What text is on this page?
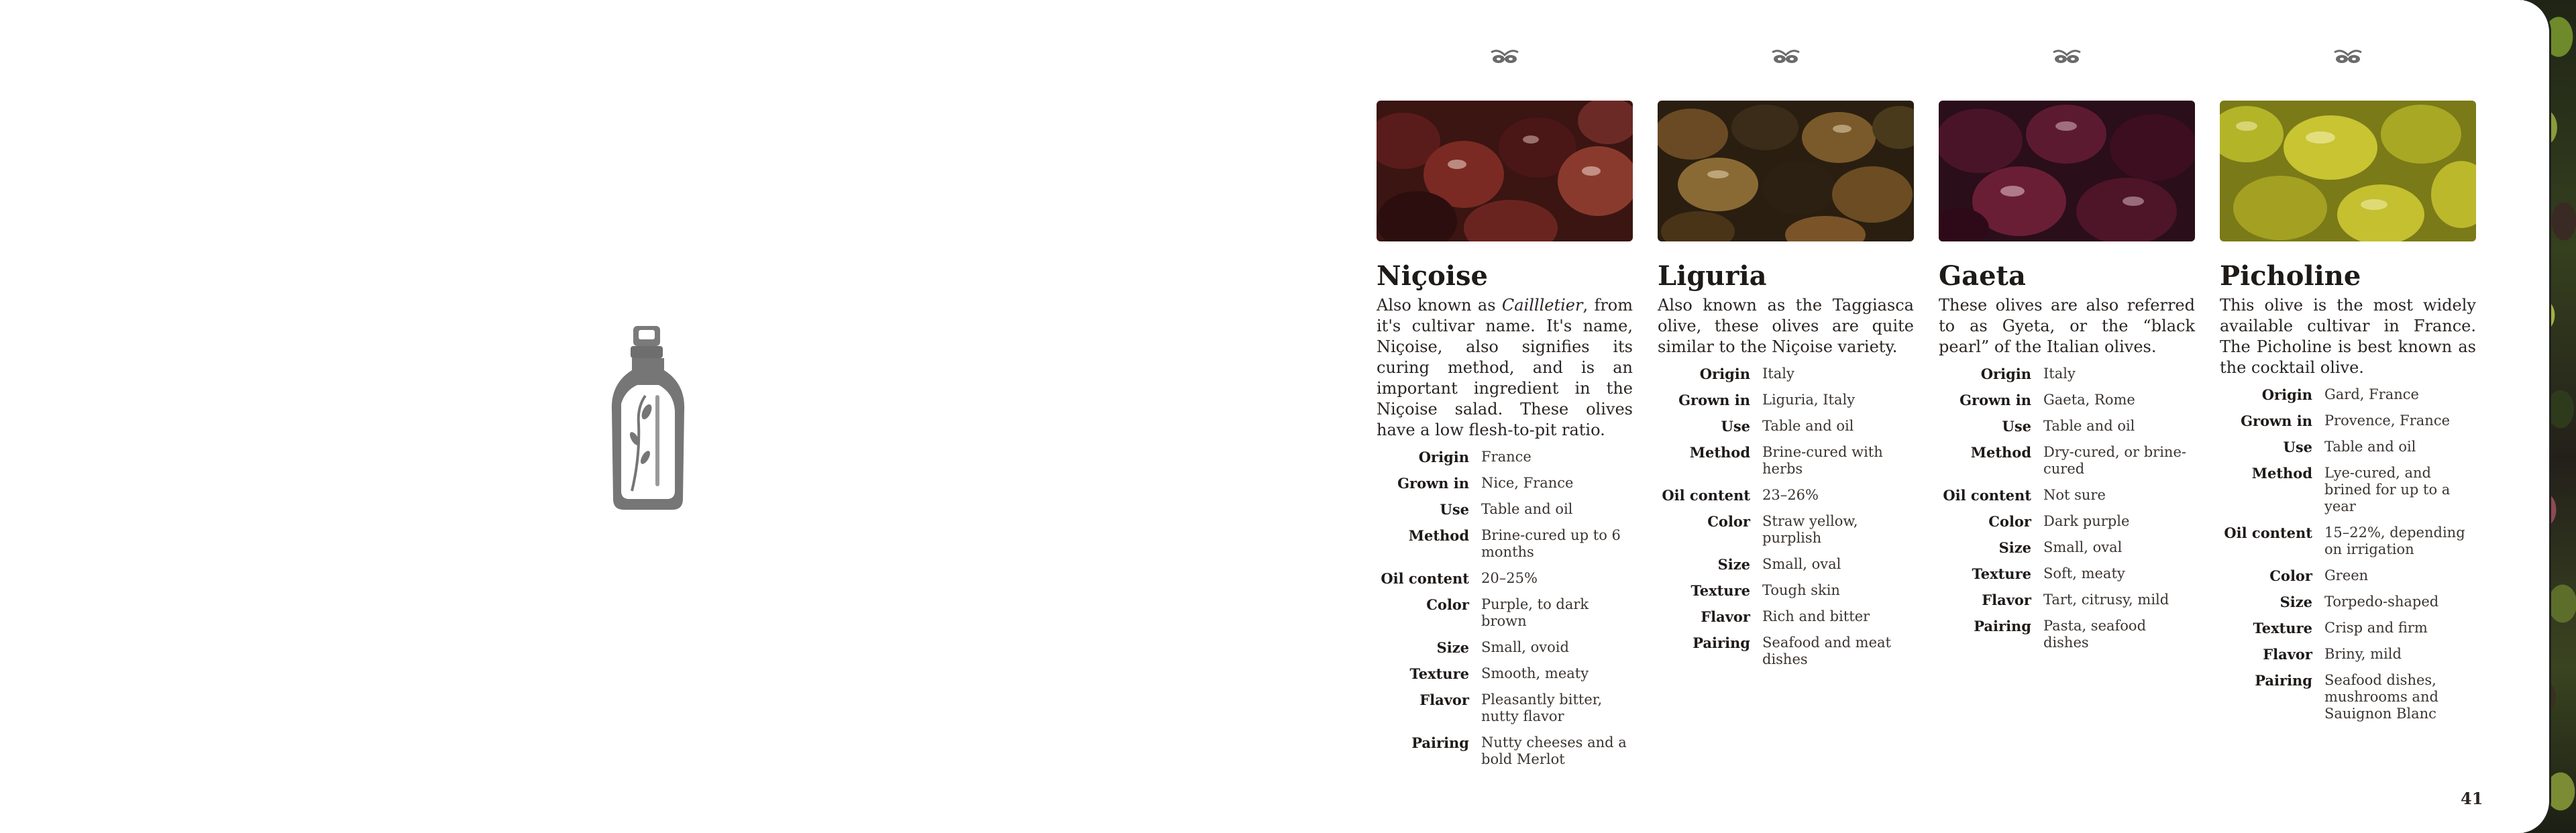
Niçoise

Also known as Caillletier, from it's cultivar name. It's name, Niçoise, also signifies its curing method, and is an important ingredient in the Niçoise salad. These olives have a low flesh-to-pit ratio.

Origin	France
Grown in	Nice, France
Use	Table and oil
Method	Brine-cured up to 6 months
Oil content	20–25%
Color	Purple, to dark brown
Size	Small, ovoid
Texture	Smooth, meaty
Flavor	Pleasantly bitter, nutty flavor
Pairing	Nutty cheeses and a bold Merlot
Liguria

Also known as the Taggiasca olive, these olives are quite similar to the Niçoise variety.

Origin	Italy
Grown in	Liguria, Italy
Use	Table and oil
Method	Brine-cured with herbs
Oil content	23–26%
Color	Straw yellow, purplish
Size	Small, oval
Texture	Tough skin
Flavor	Rich and bitter
Pairing	Seafood and meat dishes
Gaeta

These olives are also referred to as Gyeta, or the “black pearl” of the Italian olives.

Origin	Italy
Grown in	Gaeta, Rome
Use	Table and oil
Method	Dry-cured, or brine-cured
Oil content	Not sure
Color	Dark purple
Size	Small, oval
Texture	Soft, meaty
Flavor	Tart, citrusy, mild
Pairing	Pasta, seafood dishes
Picholine

This olive is the most widely available cultivar in France. The Picholine is best known as the cocktail olive.

Origin	Gard, France
Grown in	Provence, France
Use	Table and oil
Method	Lye-cured, and brined for up to a year
Oil content	15–22%, depending on irrigation
Color	Green
Size	Torpedo-shaped
Texture	Crisp and firm
Flavor	Briny, mild
Pairing	Seafood dishes, mushrooms and Sauignon Blanc
41
